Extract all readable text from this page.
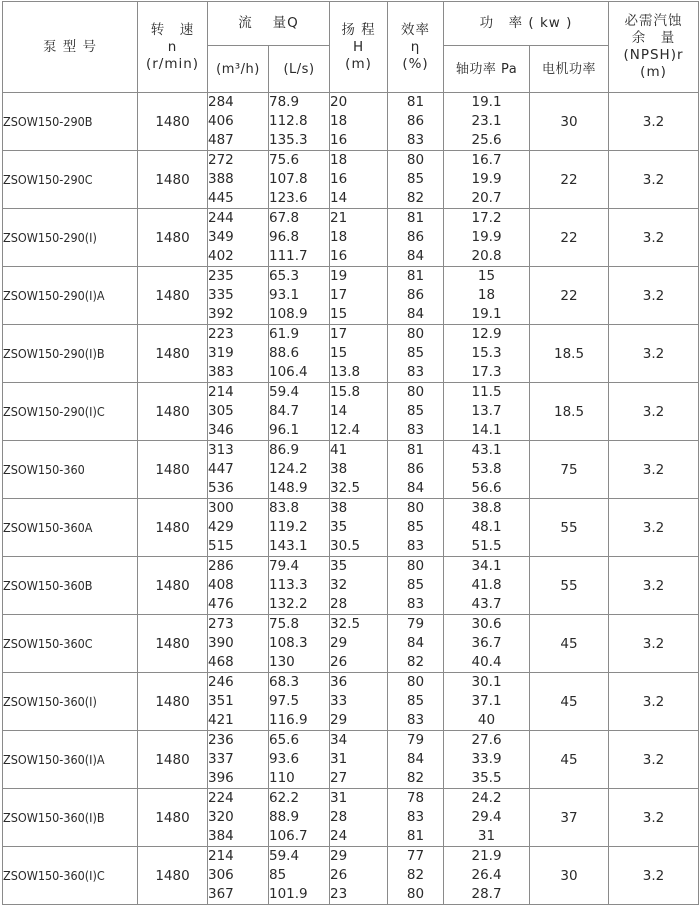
泵 型 号	转　速
n
(r/min)	流　 量Q		扬 程
H
(m)	效率
η
(%)	功　率 ( kw )		必需汽蚀
余　量
(NPSH)r
(m)

		(m³/h)	(L/s)			轴功率 Pa	电机功率	
ZSOW150-290B	1480	284
406
487	78.9
112.8
135.3	20
18
16	81
86
83	19.1
23.1
25.6	30	3.2
ZSOW150-290C	1480	272
388
445	75.6
107.8
123.6	18
16
14	80
85
82	16.7
19.9
20.7	22	3.2
ZSOW150-290(I)	1480	244
349
402	67.8
96.8
111.7	21
18
16	81
86
84	17.2
19.9
20.8	22	3.2
ZSOW150-290(I)A	1480	235
335
392	65.3
93.1
108.9	19
17
15	81
86
84	15
18
19.1	22	3.2
ZSOW150-290(I)B	1480	223
319
383	61.9
88.6
106.4	17
15
13.8	80
85
83	12.9
15.3
17.3	18.5	3.2
ZSOW150-290(I)C	1480	214
305
346	59.4
84.7
96.1	15.8
14
12.4	80
85
83	11.5
13.7
14.1	18.5	3.2
ZSOW150-360	1480	313
447
536	86.9
124.2
148.9	41
38
32.5	81
86
84	43.1
53.8
56.6	75	3.2
ZSOW150-360A	1480	300
429
515	83.8
119.2
143.1	38
35
30.5	80
85
83	38.8
48.1
51.5	55	3.2
ZSOW150-360B	1480	286
408
476	79.4
113.3
132.2	35
32
28	80
85
83	34.1
41.8
43.7	55	3.2
ZSOW150-360C	1480	273
390
468	75.8
108.3
130	32.5
29
26	79
84
82	30.6
36.7
40.4	45	3.2
ZSOW150-360(I)	1480	246
351
421	68.3
97.5
116.9	36
33
29	80
85
83	30.1
37.1
40	45	3.2
ZSOW150-360(I)A	1480	236
337
396	65.6
93.6
110	34
31
27	79
84
82	27.6
33.9
35.5	45	3.2
ZSOW150-360(I)B	1480	224
320
384	62.2
88.9
106.7	31
28
24	78
83
81	24.2
29.4
31	37	3.2
ZSOW150-360(I)C	1480	214
306
367	59.4
85
101.9	29
26
23	77
82
80	21.9
26.4
28.7	30	3.2
